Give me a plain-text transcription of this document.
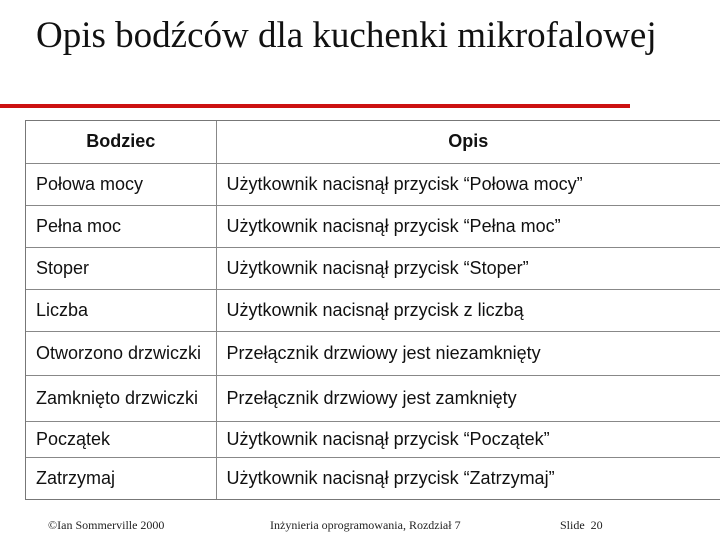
Opis bodźców dla kuchenki mikrofalowej
Bodziec	Opis
Połowa mocy	Użytkownik nacisnął przycisk “Połowa mocy”
Pełna moc	Użytkownik nacisnął przycisk “Pełna moc”
Stoper	Użytkownik nacisnął przycisk “Stoper”
Liczba	Użytkownik nacisnął przycisk z liczbą
Otworzono drzwiczki	Przełącznik drzwiowy jest niezamknięty
Zamknięto drzwiczki	Przełącznik drzwiowy jest zamknięty
Początek	Użytkownik nacisnął przycisk “Początek”
Zatrzymaj	Użytkownik nacisnął przycisk “Zatrzymaj”
©Ian Sommerville 2000	Inżynieria oprogramowania, Rozdział 7	Slide  20
